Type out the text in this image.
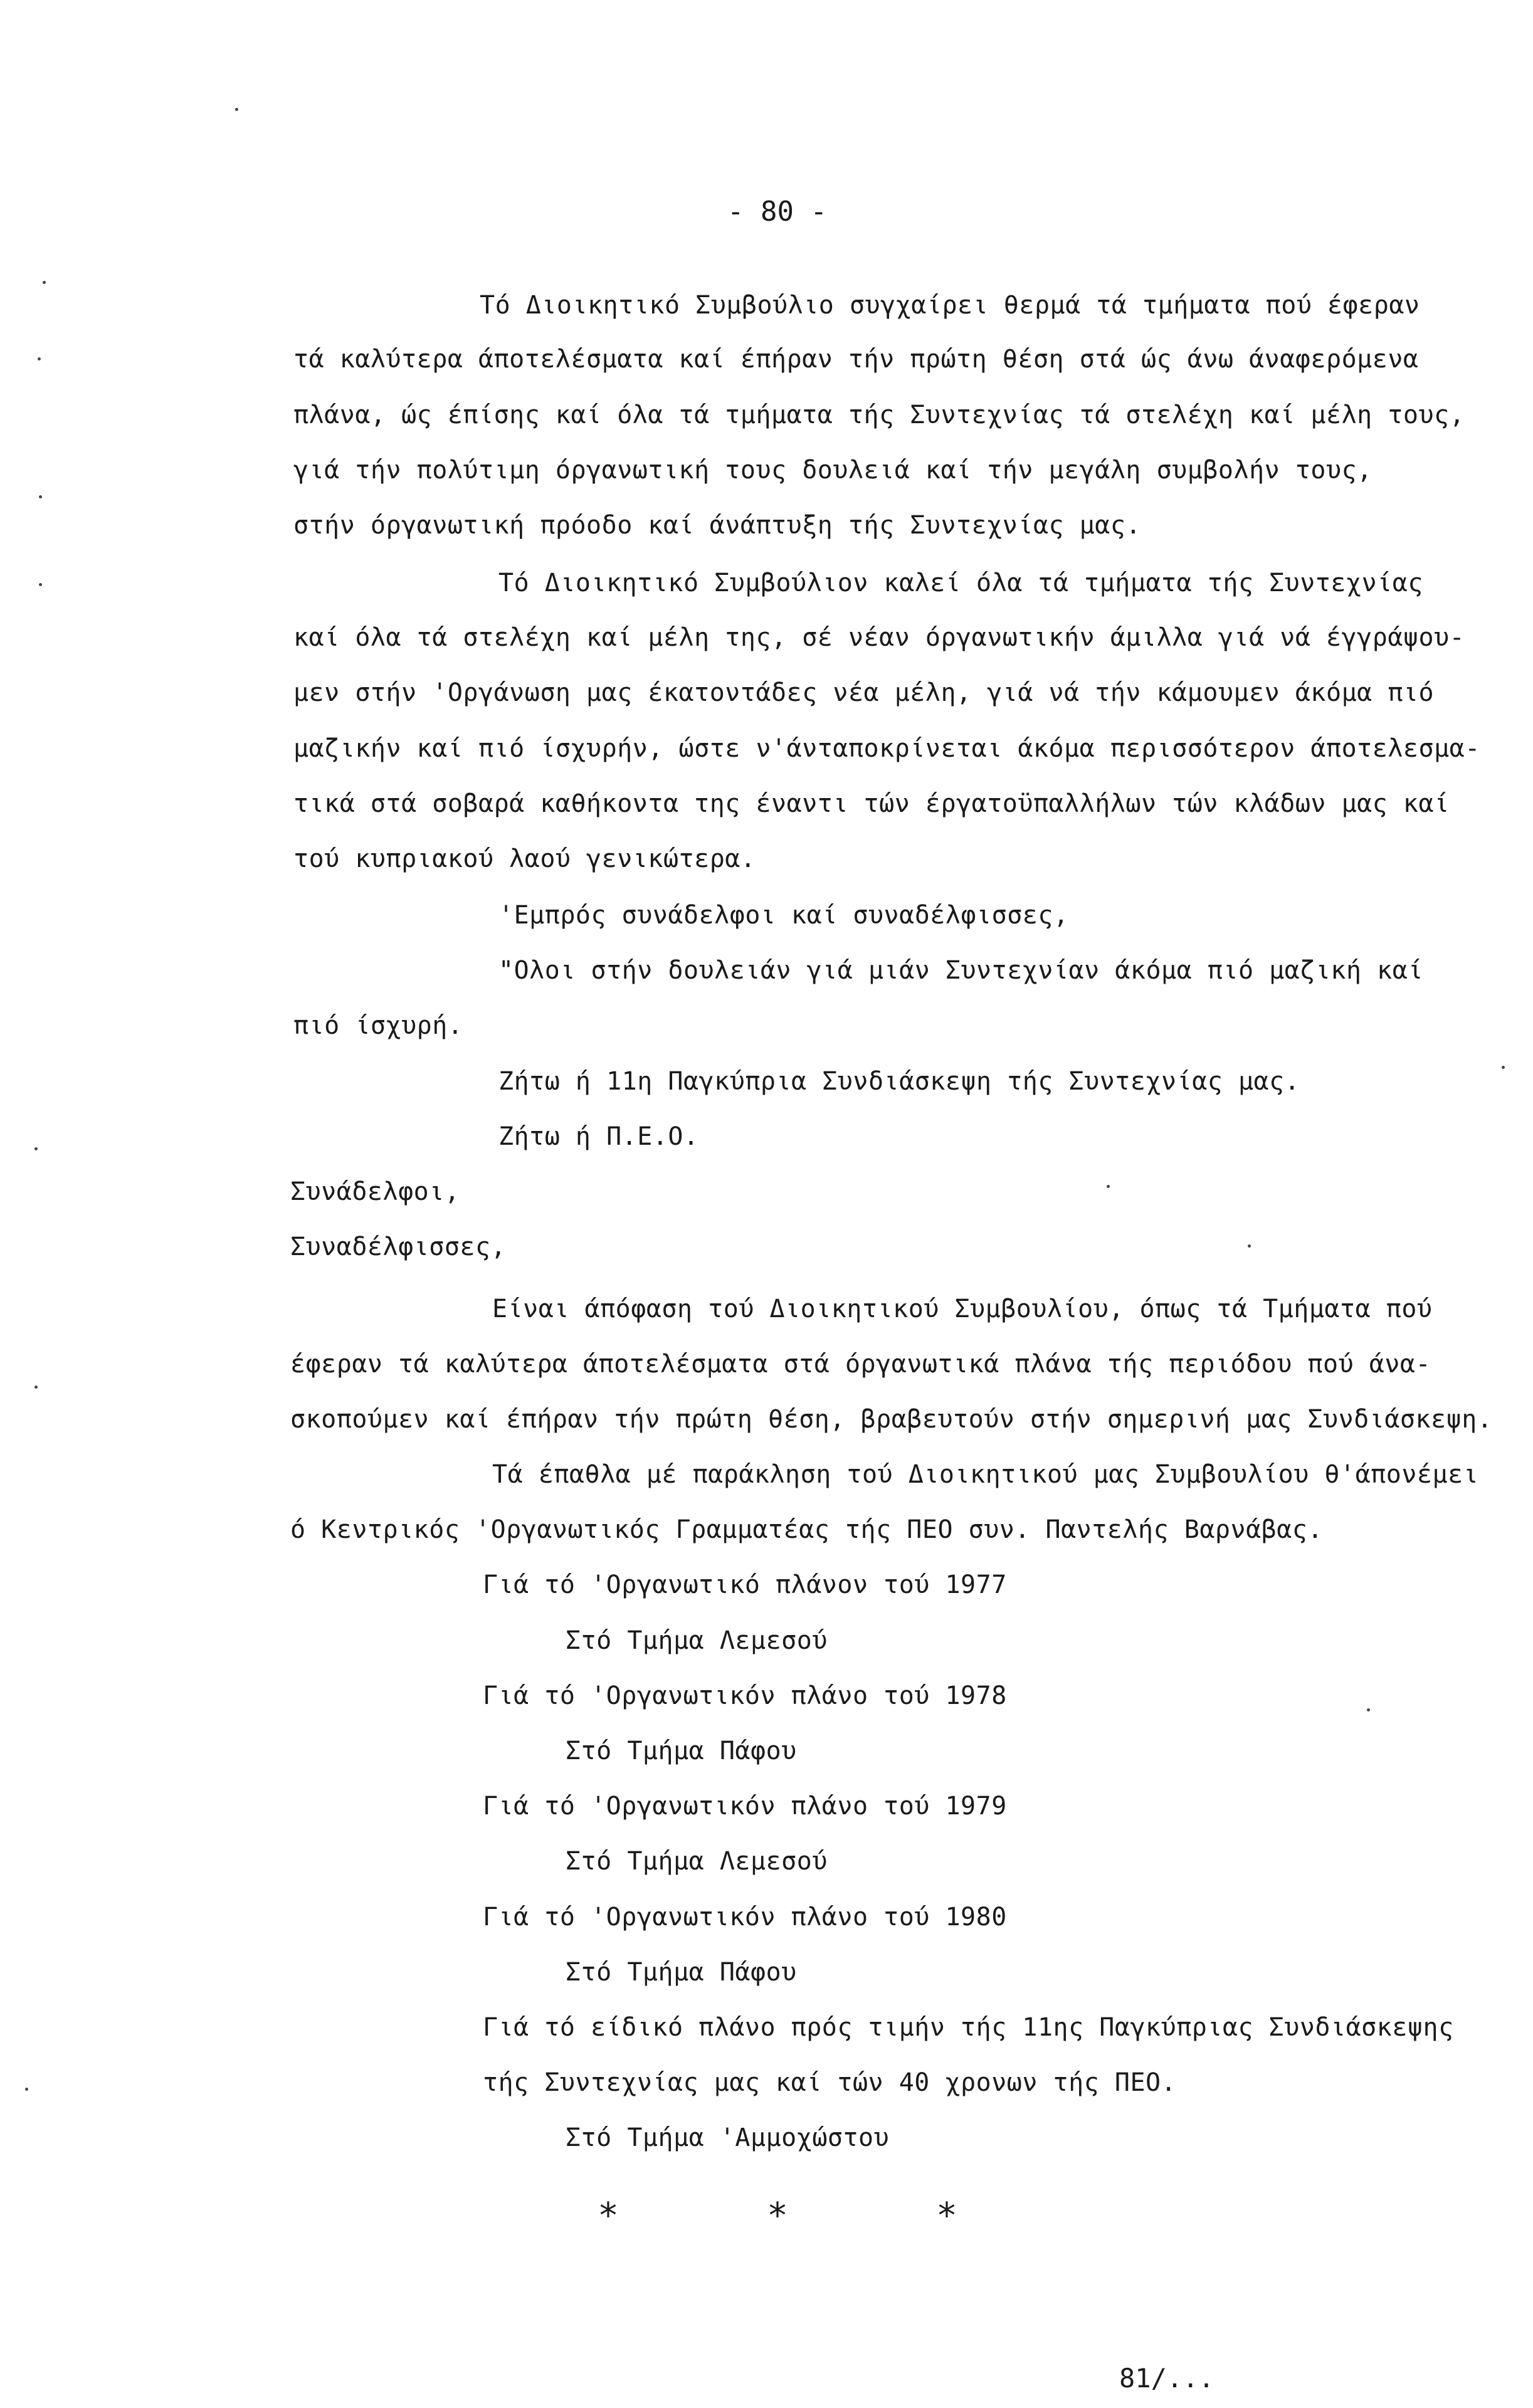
- 80 -
Τό Διοικητικό Συμβούλιο συγχαίρει θερμά τά τμήματα πού έφεραν
τά καλύτερα άποτελέσματα καί έπήραν τήν πρώτη θέση στά ώς άνω άναφερόμενα
πλάνα, ώς έπίσης καί όλα τά τμήματα τής Συντεχνίας τά στελέχη καί μέλη τους,
γιά τήν πολύτιμη όργανωτική τους δουλειά καί τήν μεγάλη συμβολήν τους,
στήν όργανωτική πρόοδο καί άνάπτυξη τής Συντεχνίας μας.
Τό Διοικητικό Συμβούλιον καλεί όλα τά τμήματα τής Συντεχνίας
καί όλα τά στελέχη καί μέλη της, σέ νέαν όργανωτικήν άμιλλα γιά νά έγγράψου-
μεν στήν 'Οργάνωση μας έκατοντάδες νέα μέλη, γιά νά τήν κάμουμεν άκόμα πιό
μαζικήν καί πιό ίσχυρήν, ώστε ν'άνταποκρίνεται άκόμα περισσότερον άποτελεσμα-
τικά στά σοβαρά καθήκοντα της έναντι τών έργατοϋπαλλήλων τών κλάδων μας καί
τού κυπριακού λαού γενικώτερα.
'Εμπρός συνάδελφοι καί συναδέλφισσες,
"Ολοι στήν δουλειάν γιά μιάν Συντεχνίαν άκόμα πιό μαζική καί
πιό ίσχυρή.
Ζήτω ή 11η Παγκύπρια Συνδιάσκεψη τής Συντεχνίας μας.
Ζήτω ή Π.Ε.Ο.
Συνάδελφοι,
Συναδέλφισσες,
Είναι άπόφαση τού Διοικητικού Συμβουλίου, όπως τά Τμήματα πού
έφεραν τά καλύτερα άποτελέσματα στά όργανωτικά πλάνα τής περιόδου πού άνα-
σκοπούμεν καί έπήραν τήν πρώτη θέση, βραβευτούν στήν σημερινή μας Συνδιάσκεψη.
Τά έπαθλα μέ παράκληση τού Διοικητικού μας Συμβουλίου θ'άπονέμει
ό Κεντρικός 'Οργανωτικός Γραμματέας τής ΠΕΟ συν. Παντελής Βαρνάβας.
Γιά τό 'Οργανωτικό πλάνον τού 1977
Στό Τμήμα Λεμεσού
Γιά τό 'Οργανωτικόν πλάνο τού 1978
Στό Τμήμα Πάφου
Γιά τό 'Οργανωτικόν πλάνο τού 1979
Στό Τμήμα Λεμεσού
Γιά τό 'Οργανωτικόν πλάνο τού 1980
Στό Τμήμα Πάφου
Γιά τό είδικό πλάνο πρός τιμήν τής 11ης Παγκύπριας Συνδιάσκεψης
τής Συντεχνίας μας καί τών 40 χρονων τής ΠΕΟ.
Στό Τμήμα 'Αμμοχώστου
*	*	*
81/...
